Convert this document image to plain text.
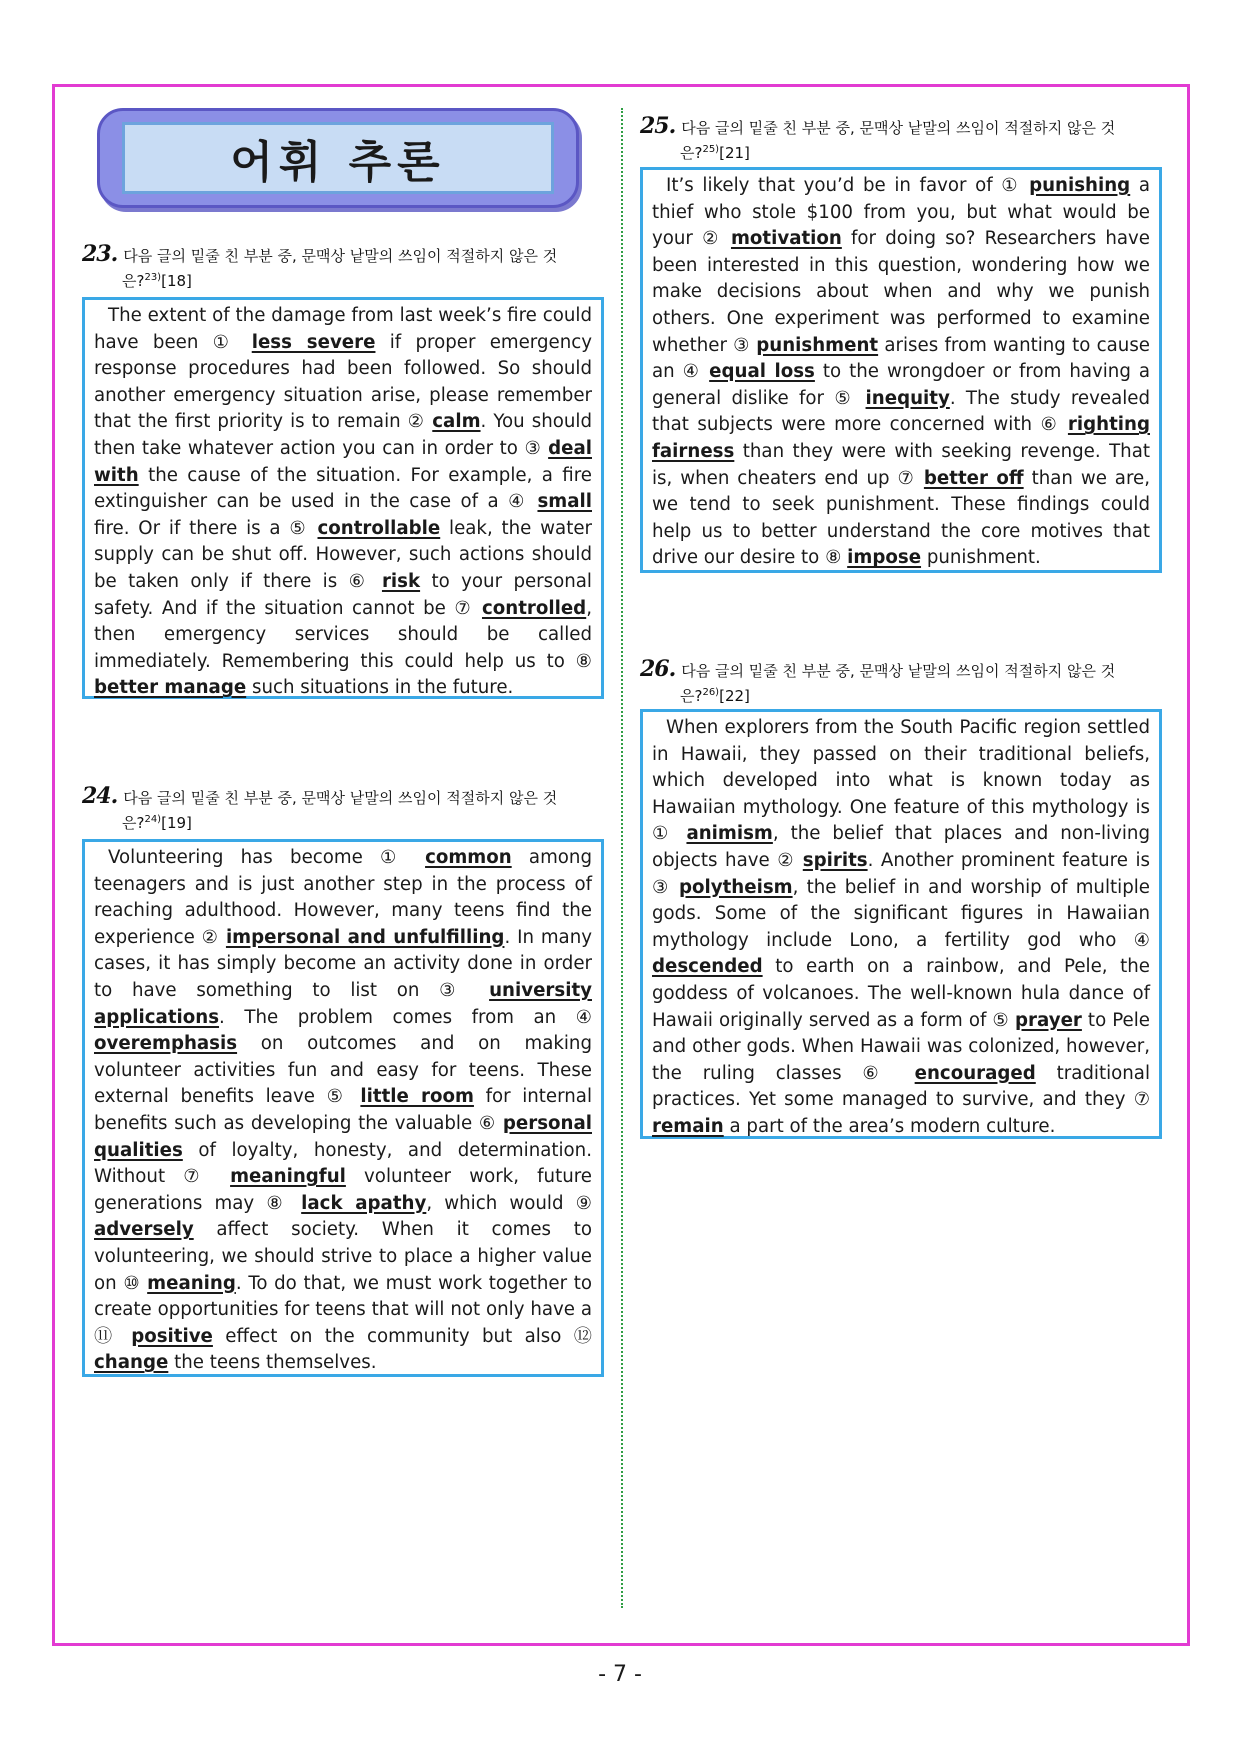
어휘 추론
23. 다음 글의 밑줄 친 부분 중, 문맥상 낱말의 쓰임이 적절하지 않은 것
은?$^{23)}$[18]

The extent of the damage from last week’s fire could have been ① less severe if proper emergency response procedures had been followed. So should another emergency situation arise, please remember that the first priority is to remain ② calm. You should then take whatever action you can in order to ③ deal with the cause of the situation. For example, a fire extinguisher can be used in the case of a ④ small fire. Or if there is a ⑤ controllable leak, the water supply can be shut off. However, such actions should be taken only if there is ⑥ risk to your personal safety. And if the situation cannot be ⑦ controlled, then emergency services should be called immediately. Remembering this could help us to ⑧ better manage such situations in the future.

24. 다음 글의 밑줄 친 부분 중, 문맥상 낱말의 쓰임이 적절하지 않은 것
은?$^{24)}$[19]

Volunteering has become ① common among teenagers and is just another step in the process of reaching adulthood. However, many teens find the experience ② impersonal and unfulfilling. In many cases, it has simply become an activity done in order to have something to list on ③ university applications. The problem comes from an ④ overemphasis on outcomes and on making volunteer activities fun and easy for teens. These external benefits leave ⑤ little room for internal benefits such as developing the valuable ⑥ personal qualities of loyalty, honesty, and determination. Without ⑦ meaningful volunteer work, future generations may ⑧ lack apathy, which would ⑨ adversely affect society. When it comes to volunteering, we should strive to place a higher value on ⑩ meaning. To do that, we must work together to create opportunities for teens that will not only have a ⑪ positive effect on the community but also ⑫ change the teens themselves.

25. 다음 글의 밑줄 친 부분 중, 문맥상 낱말의 쓰임이 적절하지 않은 것
은?$^{25)}$[21]

It’s likely that you’d be in favor of ① punishing a thief who stole $100 from you, but what would be your ② motivation for doing so? Researchers have been interested in this question, wondering how we make decisions about when and why we punish others. One experiment was performed to examine whether ③ punishment arises from wanting to cause an ④ equal loss to the wrongdoer or from having a general dislike for ⑤ inequity. The study revealed that subjects were more concerned with ⑥ righting fairness than they were with seeking revenge. That is, when cheaters end up ⑦ better off than we are, we tend to seek punishment. These findings could help us to better understand the core motives that drive our desire to ⑧ impose punishment.

26. 다음 글의 밑줄 친 부분 중, 문맥상 낱말의 쓰임이 적절하지 않은 것
은?$^{26)}$[22]

When explorers from the South Pacific region settled in Hawaii, they passed on their traditional beliefs, which developed into what is known today as Hawaiian mythology. One feature of this mythology is ① animism, the belief that places and non-living objects have ② spirits. Another prominent feature is ③ polytheism, the belief in and worship of multiple gods. Some of the significant figures in Hawaiian mythology include Lono, a fertility god who ④ descended to earth on a rainbow, and Pele, the goddess of volcanoes. The well-known hula dance of Hawaii originally served as a form of ⑤ prayer to Pele and other gods. When Hawaii was colonized, however, the ruling classes ⑥ encouraged traditional practices. Yet some managed to survive, and they ⑦ remain a part of the area’s modern culture.

- 7 -
